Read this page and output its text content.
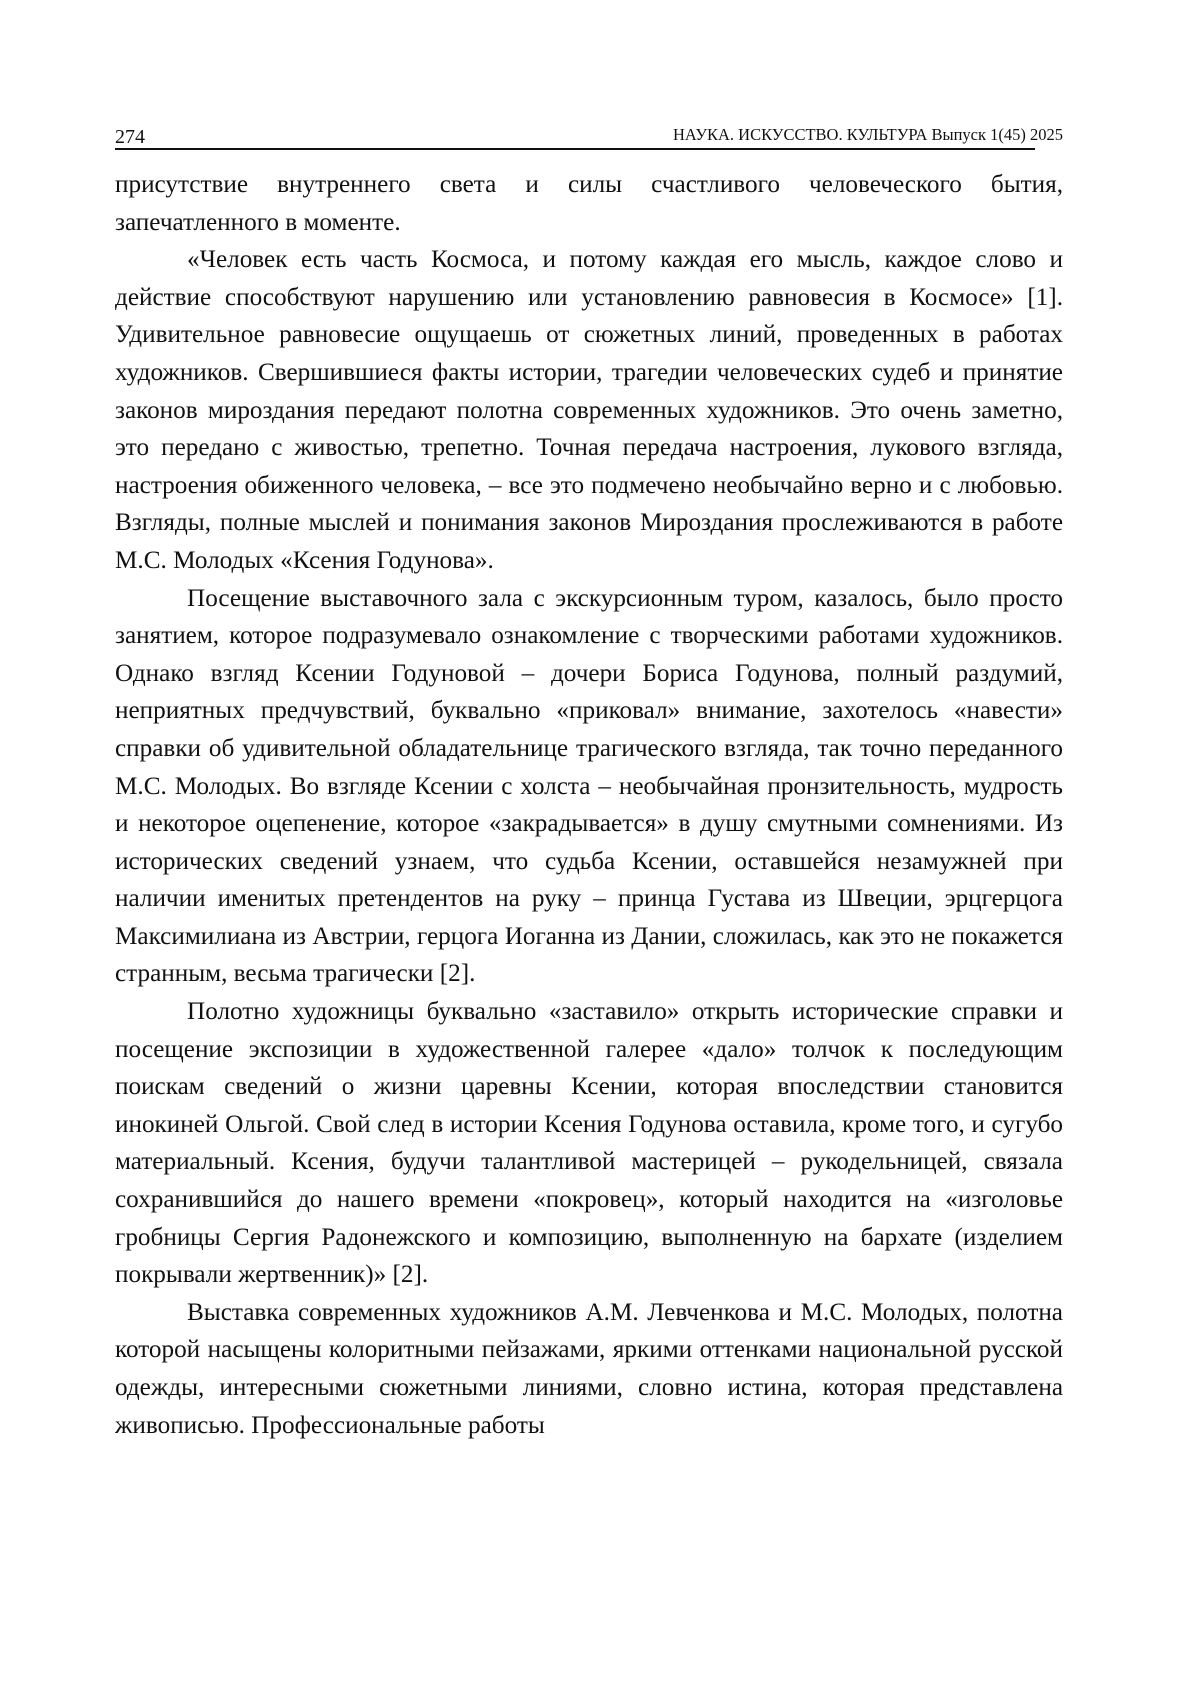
274	НАУКА. ИСКУССТВО. КУЛЬТУРА Выпуск 1(45) 2025

присутствие внутреннего света и силы счастливого человеческого бытия, запечатленного в моменте.

«Человек есть часть Космоса, и потому каждая его мысль, каждое слово и действие способствуют нарушению или установлению равновесия в Космосе» [1]. Удивительное равновесие ощущаешь от сюжетных линий, проведенных в работах художников. Свершившиеся факты истории, трагедии человеческих судеб и принятие законов мироздания передают полотна современных художников. Это очень заметно, это передано с живостью, трепетно. Точная передача настроения, лукового взгляда, настроения обиженного человека, – все это подмечено необычайно верно и с любовью. Взгляды, полные мыслей и понимания законов Мироздания прослеживаются в работе М.С. Молодых «Ксения Годунова».

Посещение выставочного зала с экскурсионным туром, казалось, было просто занятием, которое подразумевало ознакомление с творческими работами художников. Однако взгляд Ксении Годуновой – дочери Бориса Годунова, полный раздумий, неприятных предчувствий, буквально «приковал» внимание, захотелось «навести» справки об удивительной обладательнице трагического взгляда, так точно переданного М.С. Молодых. Во взгляде Ксении с холста – необычайная пронзительность, мудрость и некоторое оцепенение, которое «закрадывается» в душу смутными сомнениями. Из исторических сведений узнаем, что судьба Ксении, оставшейся незамужней при наличии именитых претендентов на руку – принца Густава из Швеции, эрцгерцога Максимилиана из Австрии, герцога Иоганна из Дании, сложилась, как это не покажется странным, весьма трагически [2].

Полотно художницы буквально «заставило» открыть исторические справки и посещение экспозиции в художественной галерее «дало» толчок к последующим поискам сведений о жизни царевны Ксении, которая впоследствии становится инокиней Ольгой. Свой след в истории Ксения Годунова оставила, кроме того, и сугубо материальный. Ксения, будучи талантливой мастерицей – рукодельницей, связала сохранившийся до нашего времени «покровец», который находится на «изголовье гробницы Сергия Радонежского и композицию, выполненную на бархате (изделием покрывали жертвенник)» [2].

Выставка современных художников А.М. Левченкова и М.С. Молодых, полотна которой насыщены колоритными пейзажами, яркими оттенками национальной русской одежды, интересными сюжетными линиями, словно истина, которая представлена живописью. Профессиональные работы
